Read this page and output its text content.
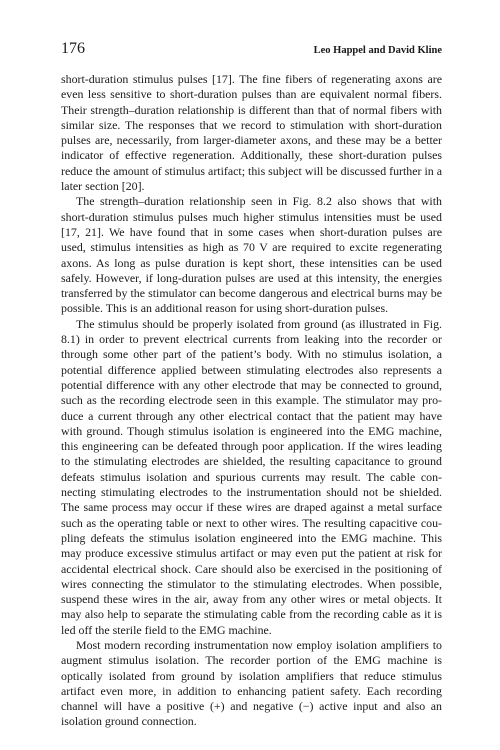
176	Leo Happel and David Kline

short-duration stimulus pulses [17]. The fine fibers of regenerating axons are even less sensitive to short-duration pulses than are equivalent normal fibers. Their strength–duration relationship is different than that of normal fibers with similar size. The responses that we record to stimulation with short-duration pulses are, necessarily, from larger-diameter axons, and these may be a better indicator of effective regeneration. Additionally, these short-duration pulses reduce the amount of stimulus artifact; this subject will be discussed further in a later section [20].

The strength–duration relationship seen in Fig. 8.2 also shows that with short-duration stimulus pulses much higher stimulus intensities must be used [17, 21]. We have found that in some cases when short-duration pulses are used, stimulus intensities as high as 70 V are required to excite regenerating axons. As long as pulse duration is kept short, these intensities can be used safely. However, if long-duration pulses are used at this intensity, the energies transferred by the stimulator can become dangerous and electrical burns may be possible. This is an additional reason for using short-duration pulses.

The stimulus should be properly isolated from ground (as illustrated in Fig. 8.1) in order to prevent electrical currents from leaking into the recorder or through some other part of the patient’s body. With no stimulus isolation, a potential difference applied between stimulating electrodes also represents a potential difference with any other electrode that may be connected to ground, such as the recording electrode seen in this example. The stimulator may produce a current through any other electrical contact that the patient may have with ground. Though stimulus isolation is engineered into the EMG machine, this engineering can be defeated through poor application. If the wires leading to the stimulating electrodes are shielded, the resulting capacitance to ground defeats stimulus isolation and spurious currents may result. The cable connecting stimulating electrodes to the instrumentation should not be shielded. The same process may occur if these wires are draped against a metal surface such as the operating table or next to other wires. The resulting capacitive coupling defeats the stimulus isolation engineered into the EMG machine. This may produce excessive stimulus artifact or may even put the patient at risk for accidental electrical shock. Care should also be exercised in the positioning of wires connecting the stimulator to the stimulating electrodes. When possible, suspend these wires in the air, away from any other wires or metal objects. It may also help to separate the stimulating cable from the recording cable as it is led off the sterile field to the EMG machine.

Most modern recording instrumentation now employ isolation amplifiers to augment stimulus isolation. The recorder portion of the EMG machine is optically isolated from ground by isolation amplifiers that reduce stimulus artifact even more, in addition to enhancing patient safety. Each recording channel will have a positive (+) and negative (−) active input and also an isolation ground connection.
